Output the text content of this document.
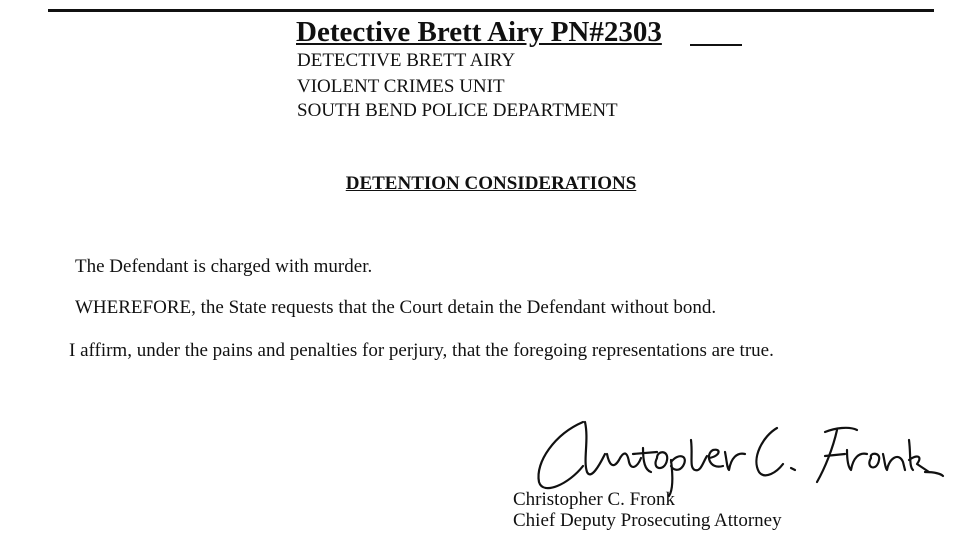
Detective Brett Airy PN#2303
DETECTIVE BRETT AIRY
VIOLENT CRIMES UNIT
SOUTH BEND POLICE DEPARTMENT
DETENTION CONSIDERATIONS
The Defendant is charged with murder.
WHEREFORE, the State requests that the Court detain the Defendant without bond.
I affirm, under the pains and penalties for perjury, that the foregoing representations are true.
Christopher C. Fronk
Chief Deputy Prosecuting Attorney
